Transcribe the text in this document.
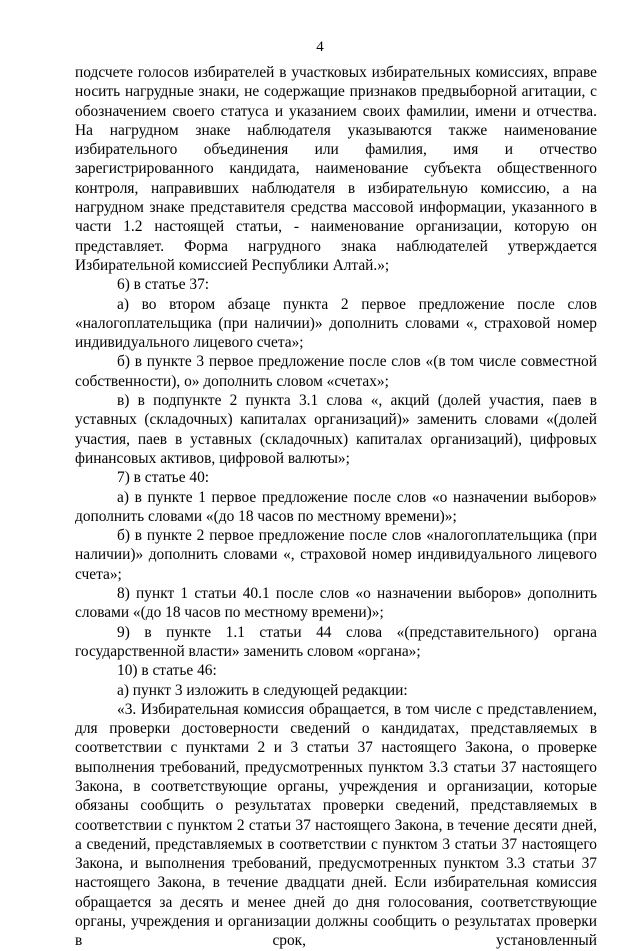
4

подсчете голосов избирателей в участковых избирательных комиссиях, вправе носить нагрудные знаки, не содержащие признаков предвыборной агитации, с обозначением своего статуса и указанием своих фамилии, имени и отчества. На нагрудном знаке наблюдателя указываются также наименование избирательного объединения или фамилия, имя и отчество зарегистрированного кандидата, наименование субъекта общественного контроля, направивших наблюдателя в избирательную комиссию, а на нагрудном знаке представителя средства массовой информации, указанного в части 1.2 настоящей статьи, - наименование организации, которую он представляет. Форма нагрудного знака наблюдателей утверждается Избирательной комиссией Республики Алтай.»;

6) в статье 37:

а) во втором абзаце пункта 2 первое предложение после слов «налогоплательщика (при наличии)» дополнить словами «, страховой номер индивидуального лицевого счета»;

б) в пункте 3 первое предложение после слов «(в том числе совместной собственности), о» дополнить словом «счетах»;

в) в подпункте 2 пункта 3.1 слова «, акций (долей участия, паев в уставных (складочных) капиталах организаций)» заменить словами «(долей участия, паев в уставных (складочных) капиталах организаций), цифровых финансовых активов, цифровой валюты»;

7) в статье 40:

а) в пункте 1 первое предложение после слов «о назначении выборов» дополнить словами «(до 18 часов по местному времени)»;

б) в пункте 2 первое предложение после слов «налогоплательщика (при наличии)» дополнить словами «, страховой номер индивидуального лицевого счета»;

8) пункт 1 статьи 40.1 после слов «о назначении выборов» дополнить словами «(до 18 часов по местному времени)»;

9) в пункте 1.1 статьи 44 слова «(представительного) органа государственной власти» заменить словом «органа»;

10) в статье 46:

а) пункт 3 изложить в следующей редакции:

«3. Избирательная комиссия обращается, в том числе с представлением, для проверки достоверности сведений о кандидатах, представляемых в соответствии с пунктами 2 и 3 статьи 37 настоящего Закона, о проверке выполнения требований, предусмотренных пунктом 3.3 статьи 37 настоящего Закона, в соответствующие органы, учреждения и организации, которые обязаны сообщить о результатах проверки сведений, представляемых в соответствии с пунктом 2 статьи 37 настоящего Закона, в течение десяти дней, а сведений, представляемых в соответствии с пунктом 3 статьи 37 настоящего Закона, и выполнения требований, предусмотренных пунктом 3.3 статьи 37 настоящего Закона, в течение двадцати дней. Если избирательная комиссия обращается за десять и менее дней до дня голосования, соответствующие органы, учреждения и организации должны сообщить о результатах проверки в срок, установленный
